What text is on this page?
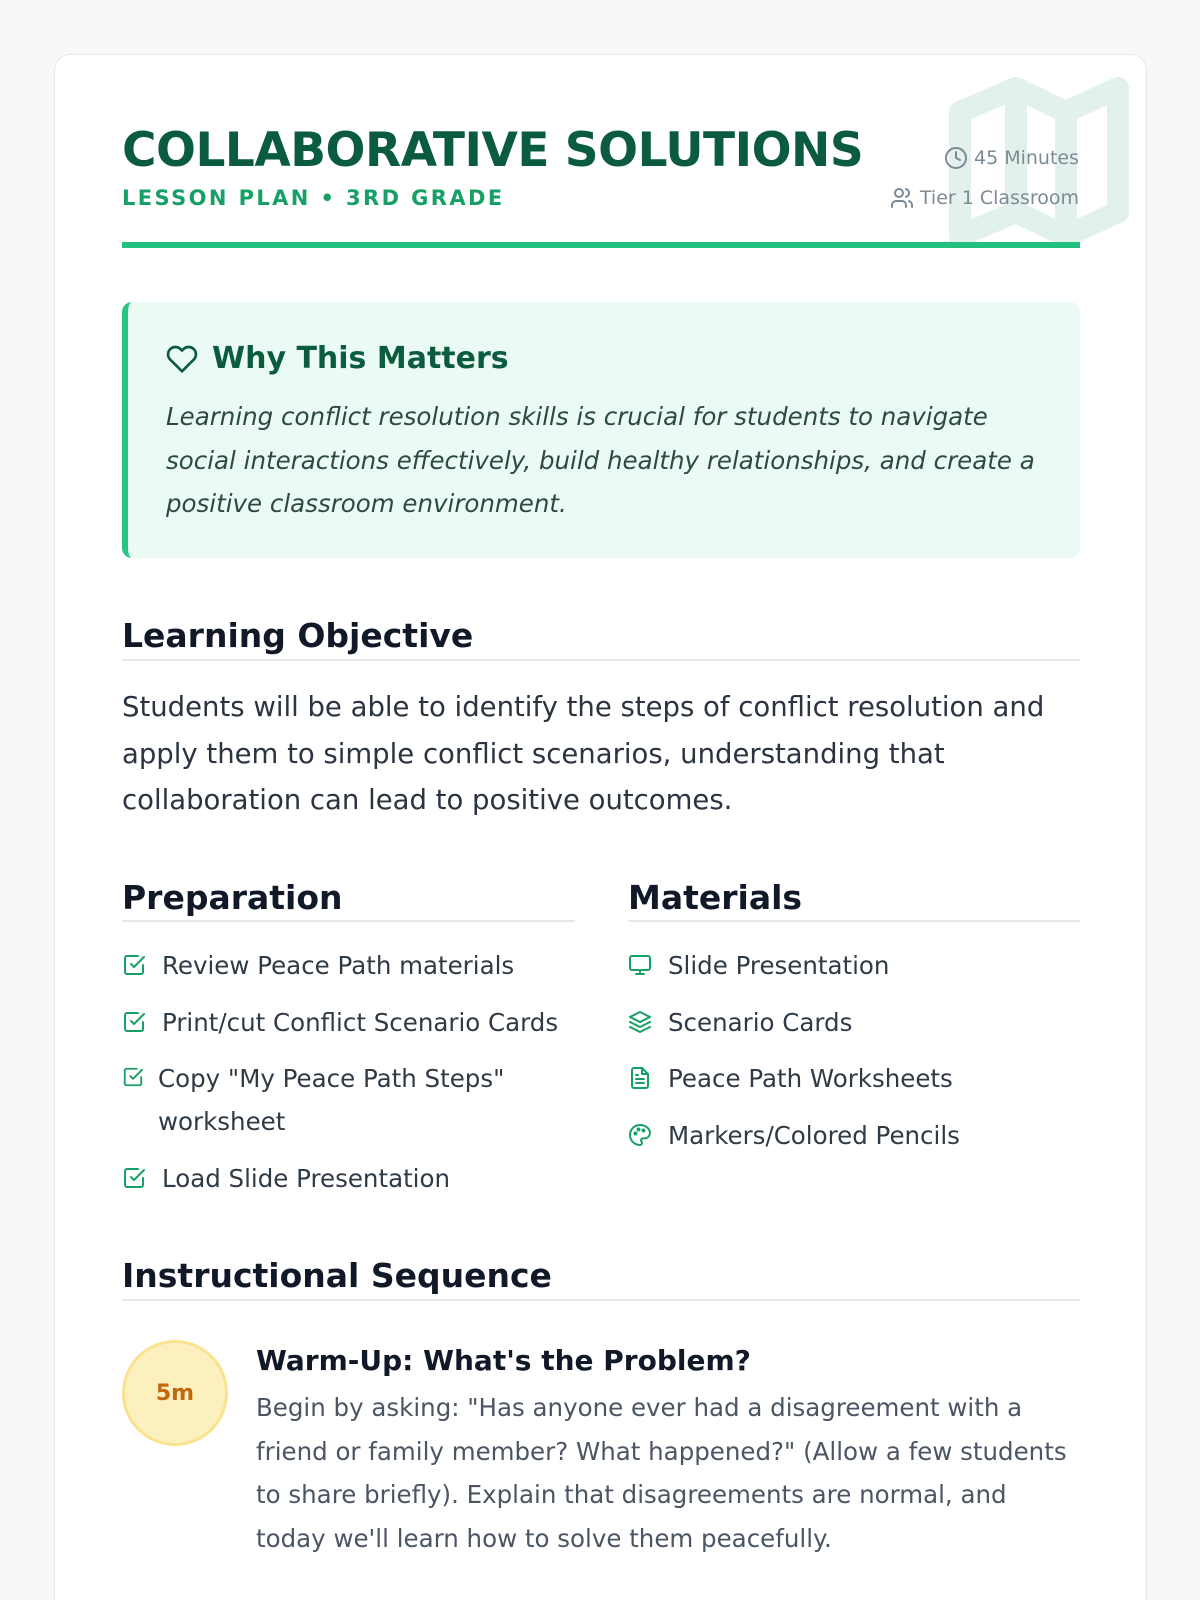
COLLABORATIVE SOLUTIONS
LESSON PLAN • 3RD GRADE
45 Minutes
Tier 1 Classroom
Why This Matters
Learning conflict resolution skills is crucial for students to navigate social interactions effectively, build healthy relationships, and create a positive classroom environment.
Learning Objective
Students will be able to identify the steps of conflict resolution and apply them to simple conflict scenarios, understanding that collaboration can lead to positive outcomes.
Preparation
Review Peace Path materials
Print/cut Conflict Scenario Cards
Copy "My Peace Path Steps" worksheet
Load Slide Presentation
Materials
Slide Presentation
Scenario Cards
Peace Path Worksheets
Markers/Colored Pencils
Instructional Sequence
5m
Warm-Up: What's the Problem?
Begin by asking: "Has anyone ever had a disagreement with a friend or family member? What happened?" (Allow a few students to share briefly). Explain that disagreements are normal, and today we'll learn how to solve them peacefully.
